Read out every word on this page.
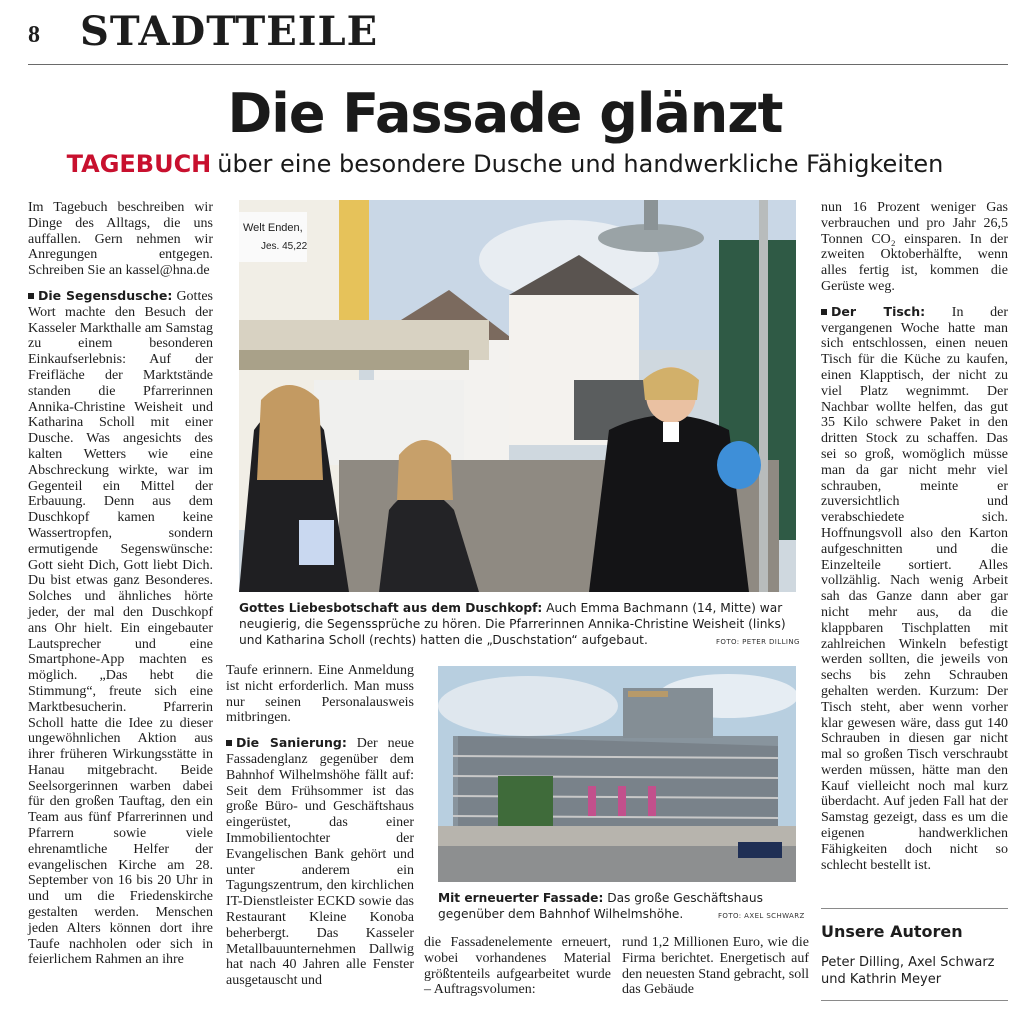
8 STADTTEILE
Die Fassade glänzt
TAGEBUCH über eine besondere Dusche und handwerkliche Fähigkeiten

Im Tagebuch beschreiben wir Dinge des Alltags, die uns auffallen. Gern nehmen wir Anregungen entgegen. Schreiben Sie an kassel@hna.de

Die Segensdusche: Gottes Wort machte den Besuch der Kasseler Markthalle am Samstag zu einem besonderen Einkaufserlebnis: Auf der Freifläche der Marktstände standen die Pfarrerinnen Annika-Christine Weisheit und Katharina Scholl mit einer Dusche. Was angesichts des kalten Wetters wie eine Abschreckung wirkte, war im Gegenteil ein Mittel der Erbauung. Denn aus dem Duschkopf kamen keine Wassertropfen, sondern ermutigende Segenswünsche: Gott sieht Dich, Gott liebt Dich. Du bist etwas ganz Besonderes. Solches und ähnliches hörte jeder, der mal den Duschkopf ans Ohr hielt. Ein eingebauter Lautsprecher und eine Smartphone-App machten es möglich. „Das hebt die Stimmung“, freute sich eine Marktbesucherin. Pfarrerin Scholl hatte die Idee zu dieser ungewöhnlichen Aktion aus ihrer früheren Wirkungsstätte in Hanau mitgebracht. Beide Seelsorgerinnen warben dabei für den großen Tauftag, den ein Team aus fünf Pfarrerinnen und Pfarrern sowie viele ehrenamtliche Helfer der evangelischen Kirche am 28. September von 16 bis 20 Uhr in und um die Friedenskirche gestalten werden. Menschen jeden Alters können dort ihre Taufe nachholen oder sich in feierlichem Rahmen an ihre

Welt Enden,
Jes. 45,22
Gottes Liebesbotschaft aus dem Duschkopf: Auch Emma Bachmann (14, Mitte) war neugierig, die Segenssprüche zu hören. Die Pfarrerinnen Annika-Christine Weisheit (links) und Katharina Scholl (rechts) hatten die „Duschstation“ aufgebaut.	FOTO: PETER DILLING

Taufe erinnern. Eine Anmeldung ist nicht erforderlich. Man muss nur seinen Personalausweis mitbringen.

Die Sanierung: Der neue Fassadenglanz gegenüber dem Bahnhof Wilhelmshöhe fällt auf: Seit dem Frühsommer ist das große Büro- und Geschäftshaus eingerüstet, das einer Immobilientochter der Evangelischen Bank gehört und unter anderem ein Tagungszentrum, den kirchlichen IT-Dienstleister ECKD sowie das Restaurant Kleine Konoba beherbergt. Das Kasseler Metallbauunternehmen Dallwig hat nach 40 Jahren alle Fenster ausgetauscht und

Mit erneuerter Fassade: Das große Geschäftshaus gegenüber dem Bahnhof Wilhelmshöhe.	FOTO: AXEL SCHWARZ

die Fassadenelemente erneuert, wobei vorhandenes Material größtenteils aufgearbeitet wurde – Auftragsvolumen:

rund 1,2 Millionen Euro, wie die Firma berichtet. Energetisch auf den neuesten Stand gebracht, soll das Gebäude

nun 16 Prozent weniger Gas verbrauchen und pro Jahr 26,5 Tonnen CO₂ einsparen. In der zweiten Oktoberhälfte, wenn alles fertig ist, kommen die Gerüste weg.

Der Tisch: In der vergangenen Woche hatte man sich entschlossen, einen neuen Tisch für die Küche zu kaufen, einen Klapptisch, der nicht zu viel Platz wegnimmt. Der Nachbar wollte helfen, das gut 35 Kilo schwere Paket in den dritten Stock zu schaffen. Das sei so groß, womöglich müsse man da gar nicht mehr viel schrauben, meinte er zuversichtlich und verabschiedete sich. Hoffnungsvoll also den Karton aufgeschnitten und die Einzelteile sortiert. Alles vollzählig. Nach wenig Arbeit sah das Ganze dann aber gar nicht mehr aus, da die klappbaren Tischplatten mit zahlreichen Winkeln befestigt werden sollten, die jeweils von sechs bis zehn Schrauben gehalten werden. Kurzum: Der Tisch steht, aber wenn vorher klar gewesen wäre, dass gut 140 Schrauben in diesen gar nicht mal so großen Tisch verschraubt werden müssen, hätte man den Kauf vielleicht noch mal kurz überdacht. Auf jeden Fall hat der Samstag gezeigt, dass es um die eigenen handwerklichen Fähigkeiten doch nicht so schlecht bestellt ist.

Unsere Autoren
Peter Dilling, Axel Schwarz
und Kathrin Meyer
